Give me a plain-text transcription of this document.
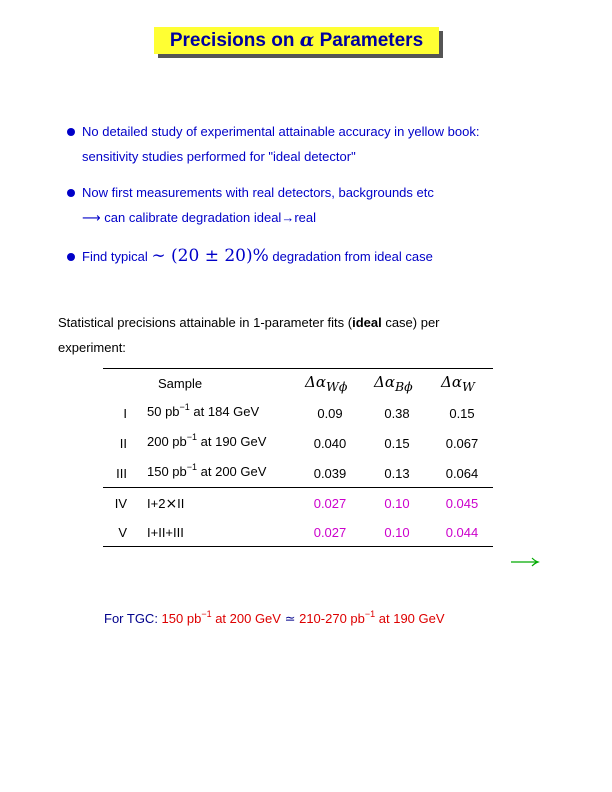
Precisions on α Parameters
No detailed study of experimental attainable accuracy in yellow book:
sensitivity studies performed for "ideal detector"
Now first measurements with real detectors, backgrounds etc
⟶ can calibrate degradation ideal→real
Find typical ∼ (20 ± 20)% degradation from ideal case
Statistical precisions attainable in 1-parameter fits (ideal case) per
experiment:
Sample	$\Delta\alpha_{W\phi}$ $\Delta\alpha_{B\phi}$ $\Delta\alpha_W$
I 50 $pb^{-1}$ at 184 GeV	0.09	0.38	0.15
II 200 $pb^{-1}$ at 190 GeV	0.040	0.15	0.067
III 150 $pb^{-1}$ at 200 GeV	0.039	0.13	0.064
IV I+2×II	0.027	0.10	0.045
V I+II+III	0.027	0.10	0.044
For TGC: 150 $pb^{-1}$ at 200 GeV ≃ 210-270 $pb^{-1}$ at 190 GeV
